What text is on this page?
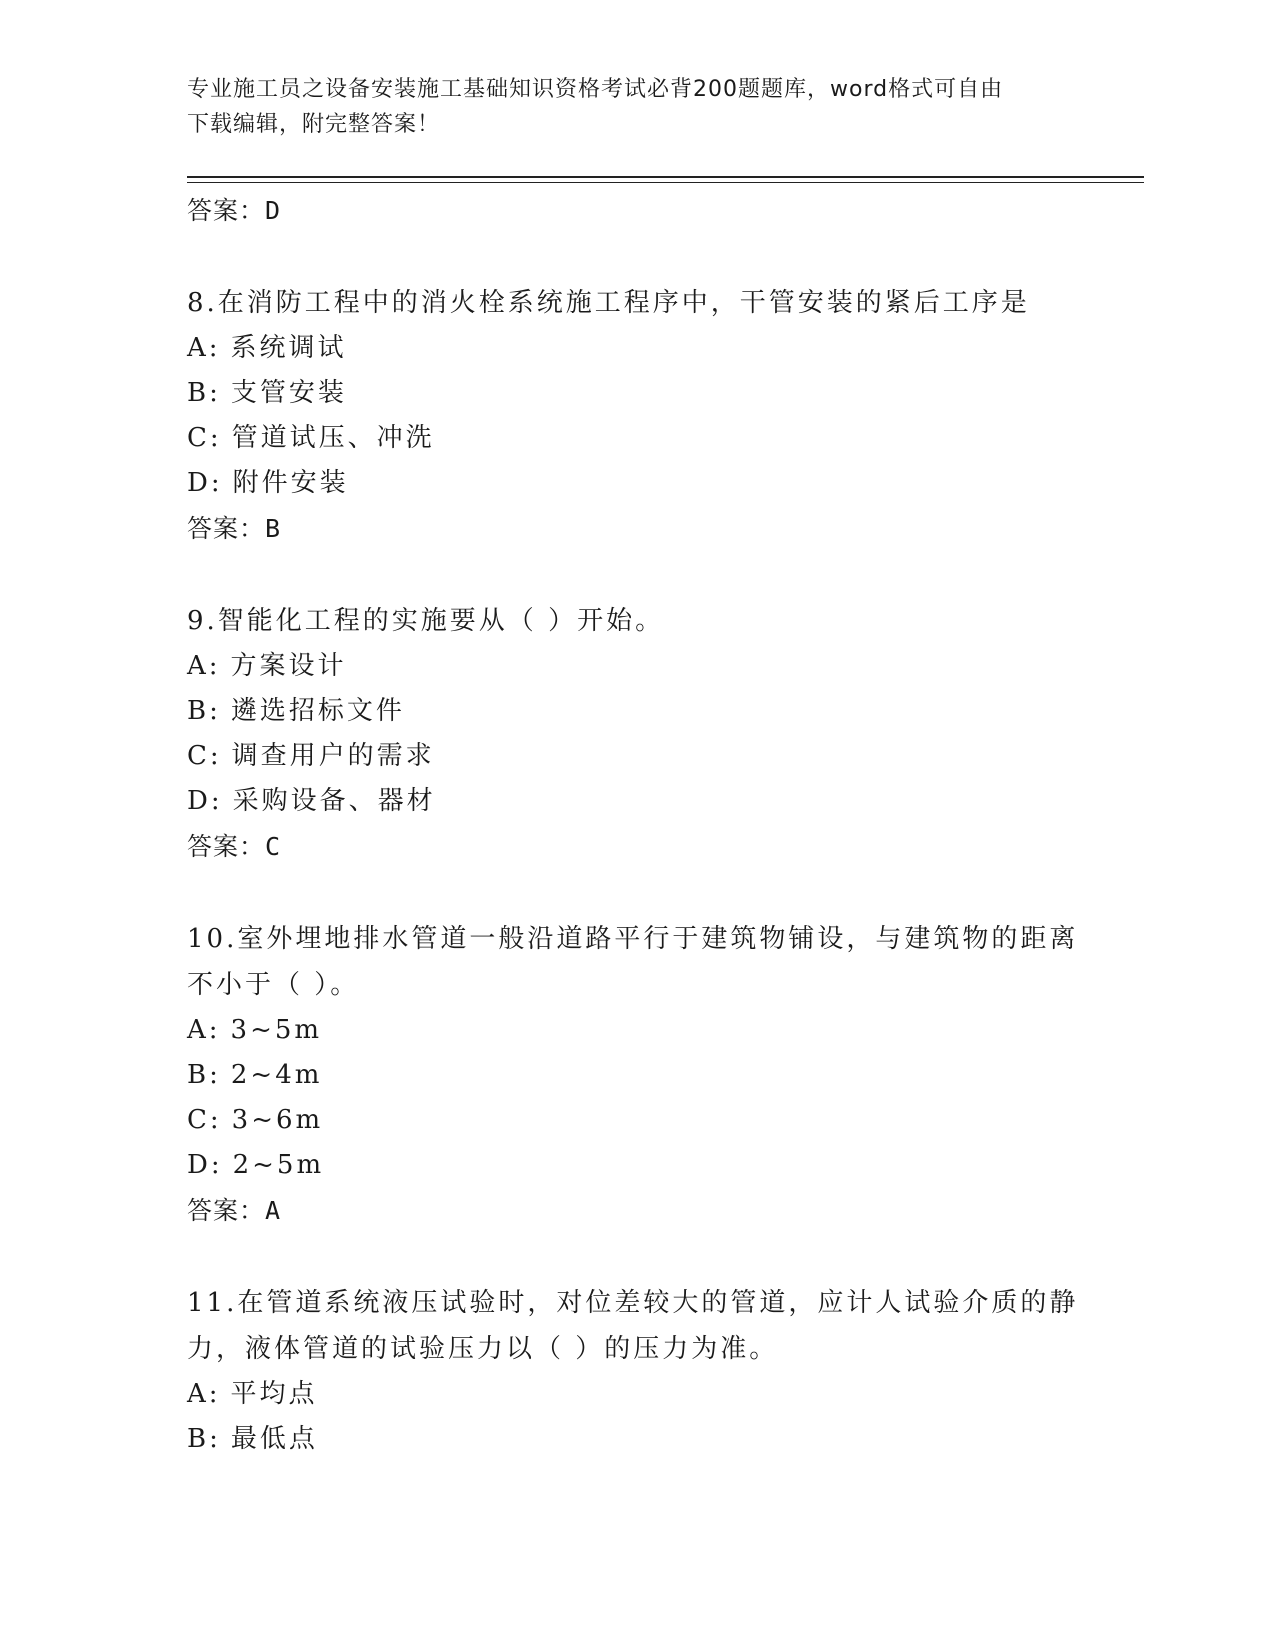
专业施工员之设备安装施工基础知识资格考试必背200题题库，word格式可自由
下载编辑，附完整答案！
答案：D
8.在消防工程中的消火栓系统施工程序中，干管安装的紧后工序是
A: 系统调试
B: 支管安装
C: 管道试压、冲洗
D: 附件安装
答案：B
9.智能化工程的实施要从（ ）开始。
A: 方案设计
B: 遴选招标文件
C: 调查用户的需求
D: 采购设备、器材
答案：C
10.室外埋地排水管道一般沿道路平行于建筑物铺设，与建筑物的距离
不小于（ ）。
A: 3~5m
B: 2~4m
C: 3~6m
D: 2~5m
答案：A
11.在管道系统液压试验时，对位差较大的管道，应计人试验介质的静
力，液体管道的试验压力以（ ）的压力为准。
A: 平均点
B: 最低点
